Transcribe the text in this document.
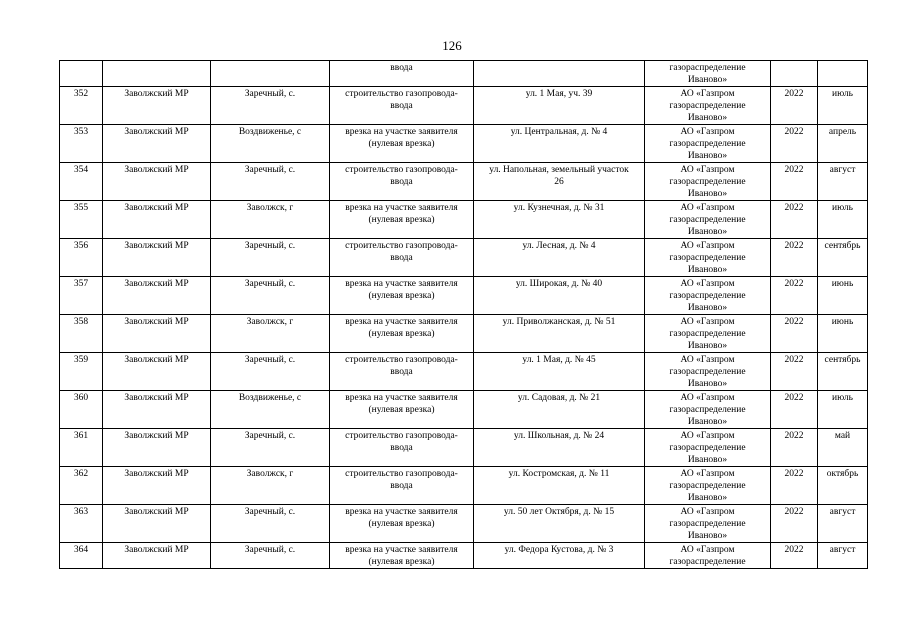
126
			ввода		газораспределение
Иваново»		
352	Заволжский МР	Заречный, с.	строительство газопровода-
ввода	ул. 1 Мая, уч. 39	АО «Газпром
газораспределение
Иваново»	2022	июль
353	Заволжский МР	Воздвиженье, с	врезка на участке заявителя
(нулевая врезка)	ул. Центральная, д. № 4	АО «Газпром
газораспределение
Иваново»	2022	апрель
354	Заволжский МР	Заречный, с.	строительство газопровода-
ввода	ул. Напольная, земельный участок
26	АО «Газпром
газораспределение
Иваново»	2022	август
355	Заволжский МР	Заволжск, г	врезка на участке заявителя
(нулевая врезка)	ул. Кузнечная, д. № 31	АО «Газпром
газораспределение
Иваново»	2022	июль
356	Заволжский МР	Заречный, с.	строительство газопровода-
ввода	ул. Лесная, д. № 4	АО «Газпром
газораспределение
Иваново»	2022	сентябрь
357	Заволжский МР	Заречный, с.	врезка на участке заявителя
(нулевая врезка)	ул. Широкая, д. № 40	АО «Газпром
газораспределение
Иваново»	2022	июнь
358	Заволжский МР	Заволжск, г	врезка на участке заявителя
(нулевая врезка)	ул. Приволжанская, д. № 51	АО «Газпром
газораспределение
Иваново»	2022	июнь
359	Заволжский МР	Заречный, с.	строительство газопровода-
ввода	ул. 1 Мая, д. № 45	АО «Газпром
газораспределение
Иваново»	2022	сентябрь
360	Заволжский МР	Воздвиженье, с	врезка на участке заявителя
(нулевая врезка)	ул. Садовая, д. № 21	АО «Газпром
газораспределение
Иваново»	2022	июль
361	Заволжский МР	Заречный, с.	строительство газопровода-
ввода	ул. Школьная, д. № 24	АО «Газпром
газораспределение
Иваново»	2022	май
362	Заволжский МР	Заволжск, г	строительство газопровода-
ввода	ул. Костромская, д. № 11	АО «Газпром
газораспределение
Иваново»	2022	октябрь
363	Заволжский МР	Заречный, с.	врезка на участке заявителя
(нулевая врезка)	ул. 50 лет Октября, д. № 15	АО «Газпром
газораспределение
Иваново»	2022	август
364	Заволжский МР	Заречный, с.	врезка на участке заявителя
(нулевая врезка)	ул. Федора Кустова, д. № 3	АО «Газпром
газораспределение	2022	август
